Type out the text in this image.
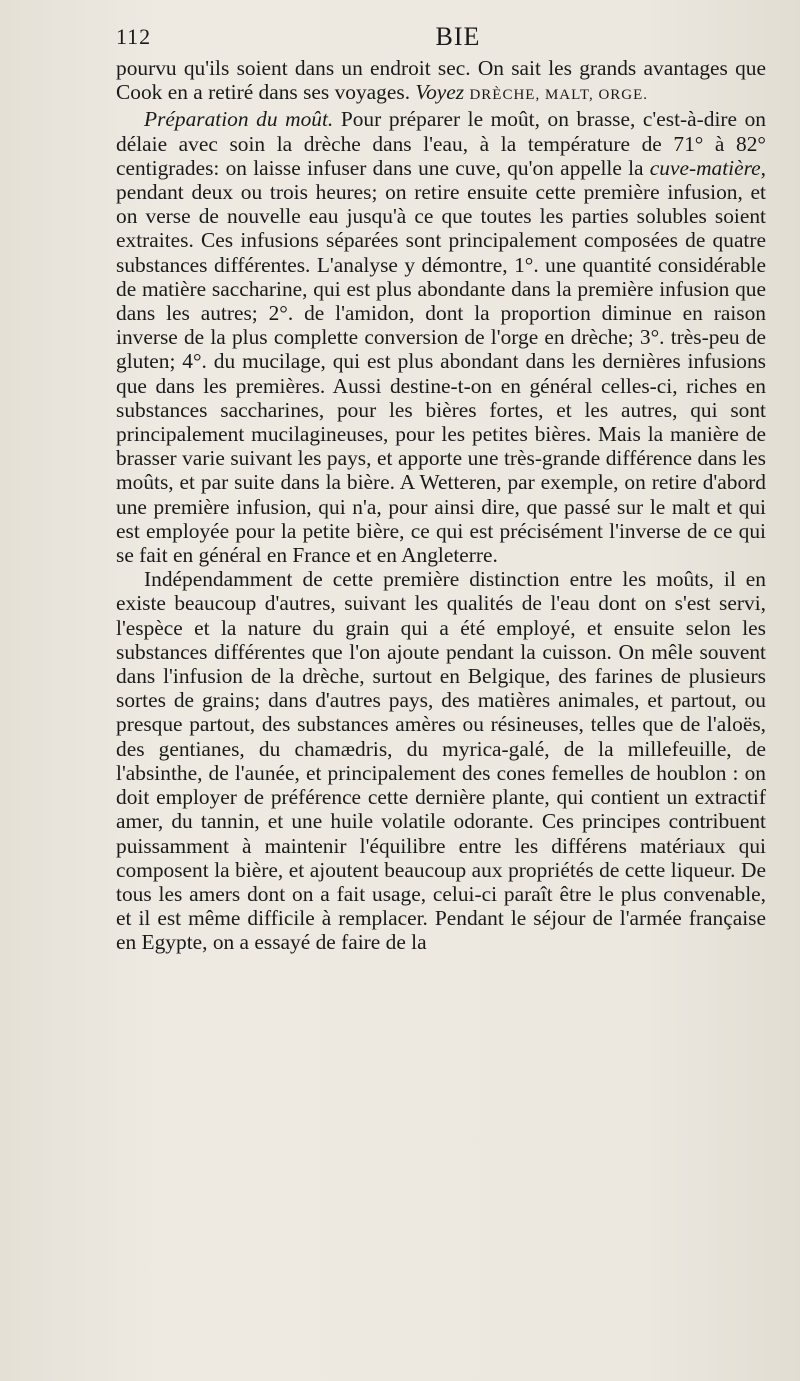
112	BIE

pourvu qu'ils soient dans un endroit sec. On sait les grands avantages que Cook en a retiré dans ses voyages. Voyez DRÈCHE, MALT, ORGE.

Préparation du moût. Pour préparer le moût, on brasse, c'est-à-dire on délaie avec soin la drèche dans l'eau, à la température de 71° à 82° centigrades: on laisse infuser dans une cuve, qu'on appelle la cuve-matière, pendant deux ou trois heures; on retire ensuite cette première infusion, et on verse de nouvelle eau jusqu'à ce que toutes les parties solubles soient extraites. Ces infusions séparées sont principalement composées de quatre substances différentes. L'analyse y démontre, 1°. une quantité considérable de matière saccharine, qui est plus abondante dans la première infusion que dans les autres; 2°. de l'amidon, dont la proportion diminue en raison inverse de la plus complette conversion de l'orge en drèche; 3°. très-peu de gluten; 4°. du mucilage, qui est plus abondant dans les dernières infusions que dans les premières. Aussi destine-t-on en général celles-ci, riches en substances saccharines, pour les bières fortes, et les autres, qui sont principalement mucilagineuses, pour les petites bières. Mais la manière de brasser varie suivant les pays, et apporte une très-grande différence dans les moûts, et par suite dans la bière. A Wetteren, par exemple, on retire d'abord une première infusion, qui n'a, pour ainsi dire, que passé sur le malt et qui est employée pour la petite bière, ce qui est précisément l'inverse de ce qui se fait en général en France et en Angleterre.

Indépendamment de cette première distinction entre les moûts, il en existe beaucoup d'autres, suivant les qualités de l'eau dont on s'est servi, l'espèce et la nature du grain qui a été employé, et ensuite selon les substances différentes que l'on ajoute pendant la cuisson. On mêle souvent dans l'infusion de la drèche, surtout en Belgique, des farines de plusieurs sortes de grains; dans d'autres pays, des matières animales, et partout, ou presque partout, des substances amères ou résineuses, telles que de l'aloës, des gentianes, du chamædris, du myrica-galé, de la millefeuille, de l'absinthe, de l'aunée, et principalement des cones femelles de houblon : on doit employer de préférence cette dernière plante, qui contient un extractif amer, du tannin, et une huile volatile odorante. Ces principes contribuent puissamment à maintenir l'équilibre entre les différens matériaux qui composent la bière, et ajoutent beaucoup aux propriétés de cette liqueur. De tous les amers dont on a fait usage, celui-ci paraît être le plus convenable, et il est même difficile à remplacer. Pendant le séjour de l'armée française en Egypte, on a essayé de faire de la
